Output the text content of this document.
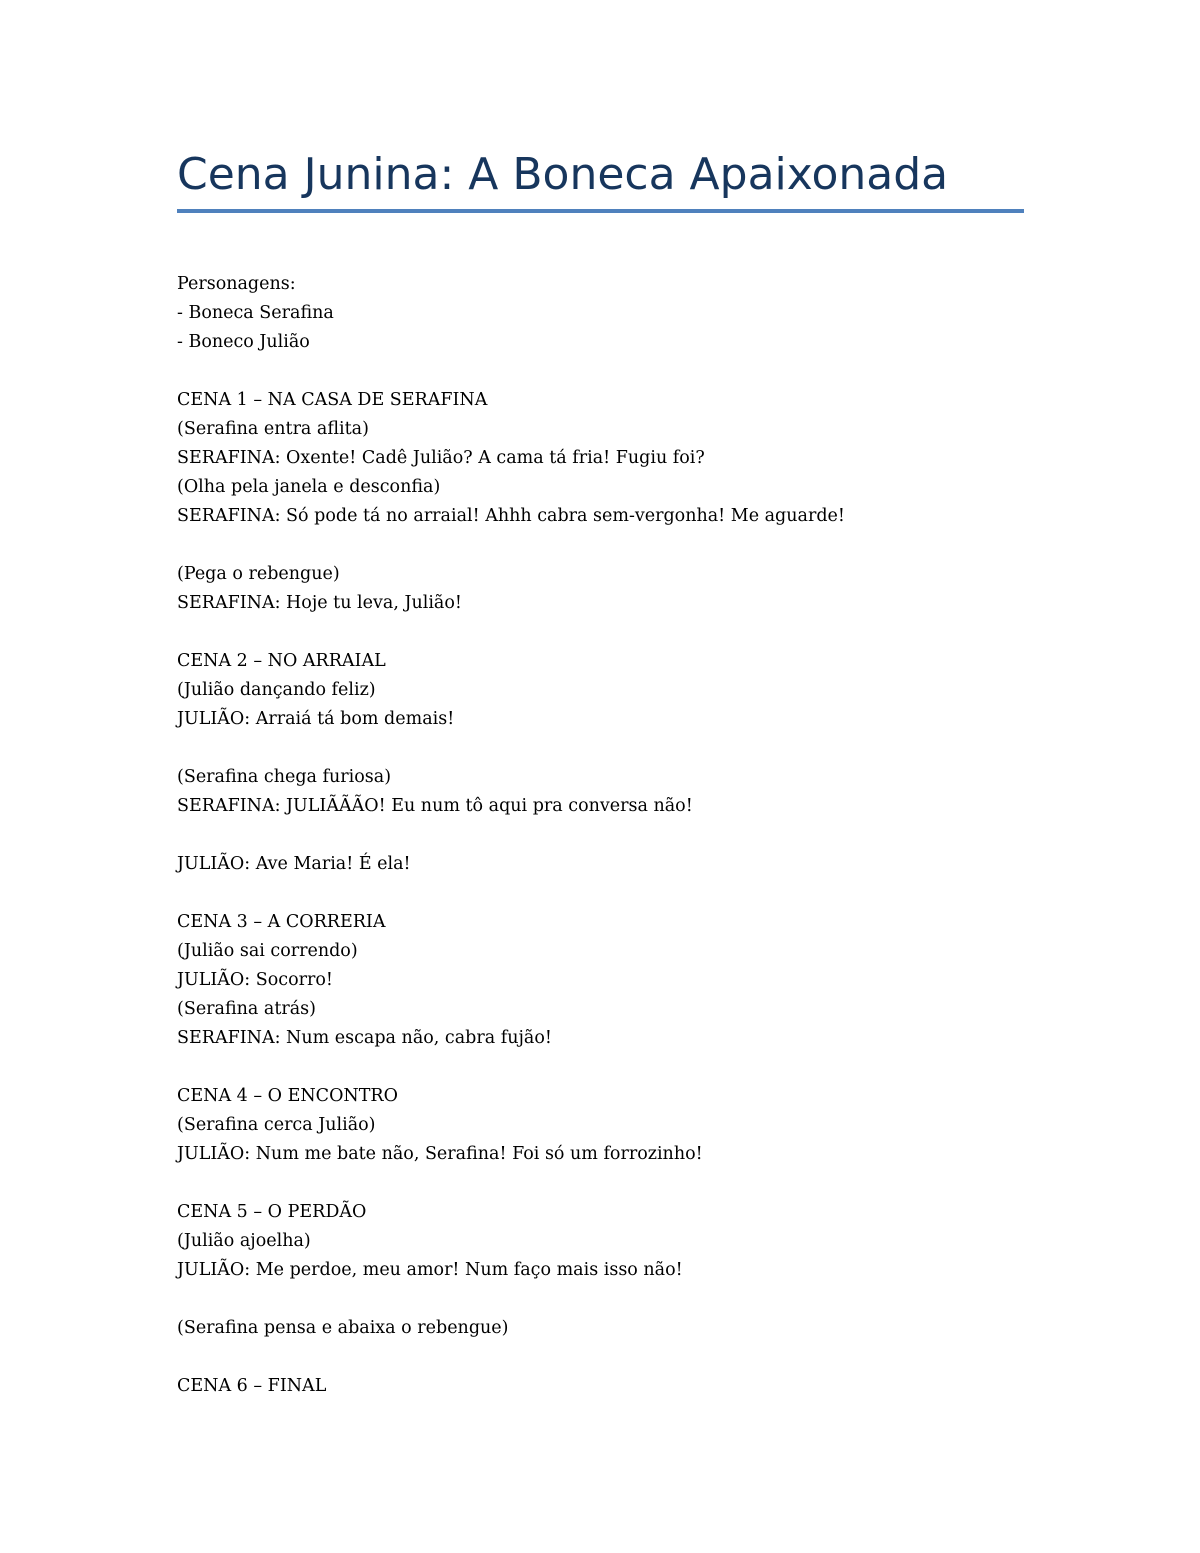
Cena Junina: A Boneca Apaixonada
Personagens:
- Boneca Serafina
- Boneco Julião
CENA 1 – NA CASA DE SERAFINA
(Serafina entra aflita)
SERAFINA: Oxente! Cadê Julião? A cama tá fria! Fugiu foi?
(Olha pela janela e desconfia)
SERAFINA: Só pode tá no arraial! Ahhh cabra sem-vergonha! Me aguarde!
(Pega o rebengue)
SERAFINA: Hoje tu leva, Julião!
CENA 2 – NO ARRAIAL
(Julião dançando feliz)
JULIÃO: Arraiá tá bom demais!
(Serafina chega furiosa)
SERAFINA: JULIÃÃÃO! Eu num tô aqui pra conversa não!
JULIÃO: Ave Maria! É ela!
CENA 3 – A CORRERIA
(Julião sai correndo)
JULIÃO: Socorro!
(Serafina atrás)
SERAFINA: Num escapa não, cabra fujão!
CENA 4 – O ENCONTRO
(Serafina cerca Julião)
JULIÃO: Num me bate não, Serafina! Foi só um forrozinho!
CENA 5 – O PERDÃO
(Julião ajoelha)
JULIÃO: Me perdoe, meu amor! Num faço mais isso não!
(Serafina pensa e abaixa o rebengue)
CENA 6 – FINAL
